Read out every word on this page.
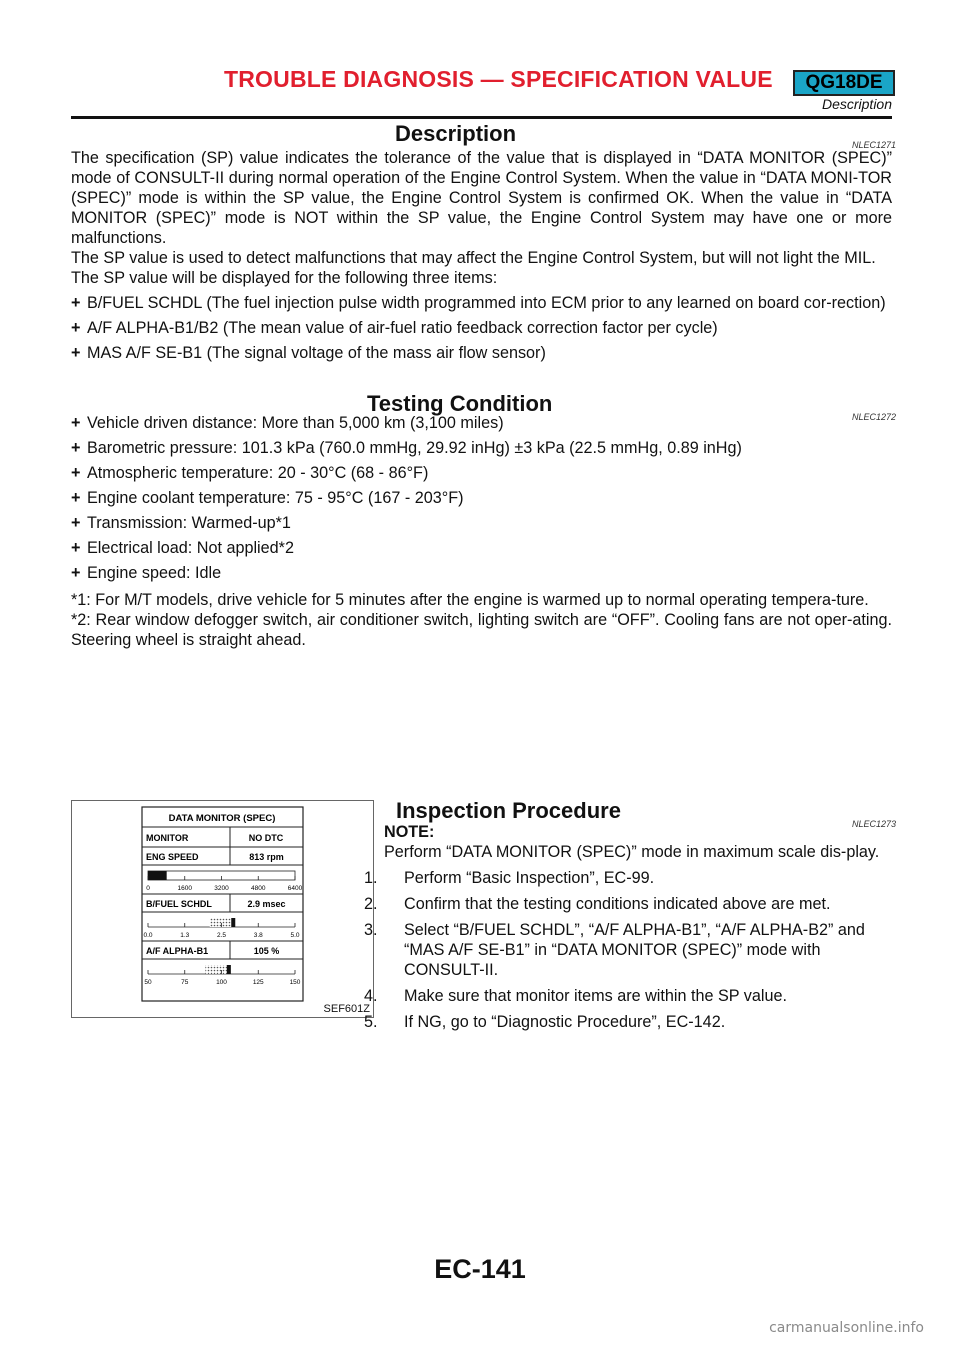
TROUBLE DIAGNOSIS — SPECIFICATION VALUE	QG18DE
Description
Description	NLEC1271

The specification (SP) value indicates the tolerance of the value that is displayed in “DATA MONITOR (SPEC)” mode of CONSULT-II during normal operation of the Engine Control System. When the value in “DATA MONI-TOR (SPEC)” mode is within the SP value, the Engine Control System is confirmed OK. When the value in “DATA MONITOR (SPEC)” mode is NOT within the SP value, the Engine Control System may have one or more malfunctions.

The SP value is used to detect malfunctions that may affect the Engine Control System, but will not light the MIL.

The SP value will be displayed for the following three items:

+ B/FUEL SCHDL (The fuel injection pulse width programmed into ECM prior to any learned on board cor-rection)
+ A/F ALPHA-B1/B2 (The mean value of air-fuel ratio feedback correction factor per cycle)
+ MAS A/F SE-B1 (The signal voltage of the mass air flow sensor)
Testing Condition
NLEC1272
+ Vehicle driven distance: More than 5,000 km (3,100 miles)
+ Barometric pressure: 101.3 kPa (760.0 mmHg, 29.92 inHg) ±3 kPa (22.5 mmHg, 0.89 inHg)
+ Atmospheric temperature: 20 - 30°C (68 - 86°F)
+ Engine coolant temperature: 75 - 95°C (167 - 203°F)
+ Transmission: Warmed-up*1
+ Electrical load: Not applied*2
+ Engine speed: Idle

*1: For M/T models, drive vehicle for 5 minutes after the engine is warmed up to normal operating tempera-ture.

*2: Rear window defogger switch, air conditioner switch, lighting switch are “OFF”. Cooling fans are not oper-ating. Steering wheel is straight ahead.

DATA MONITOR (SPEC)
MONITOR	NO DTC
ENG SPEED	813 rpm
0	1600	3200	4800	6400
B/FUEL SCHDL	2.9 msec
0.0	1.3	2.5	3.8	5.0
A/F ALPHA-B1	105 %
50	75	100	125	150
SEF601Z
Inspection Procedure
NLEC1273

NOTE:

Perform “DATA MONITOR (SPEC)” mode in maximum scale dis-play.

1. Perform “Basic Inspection”, EC-99.

2. Confirm that the testing conditions indicated above are met.

3. Select “B/FUEL SCHDL”, “A/F ALPHA-B1”, “A/F ALPHA-B2” and “MAS A/F SE-B1” in “DATA MONITOR (SPEC)” mode with CONSULT-II.

4. Make sure that monitor items are within the SP value.

5. If NG, go to “Diagnostic Procedure”, EC-142.

EC-141
carmanualsonline.info
